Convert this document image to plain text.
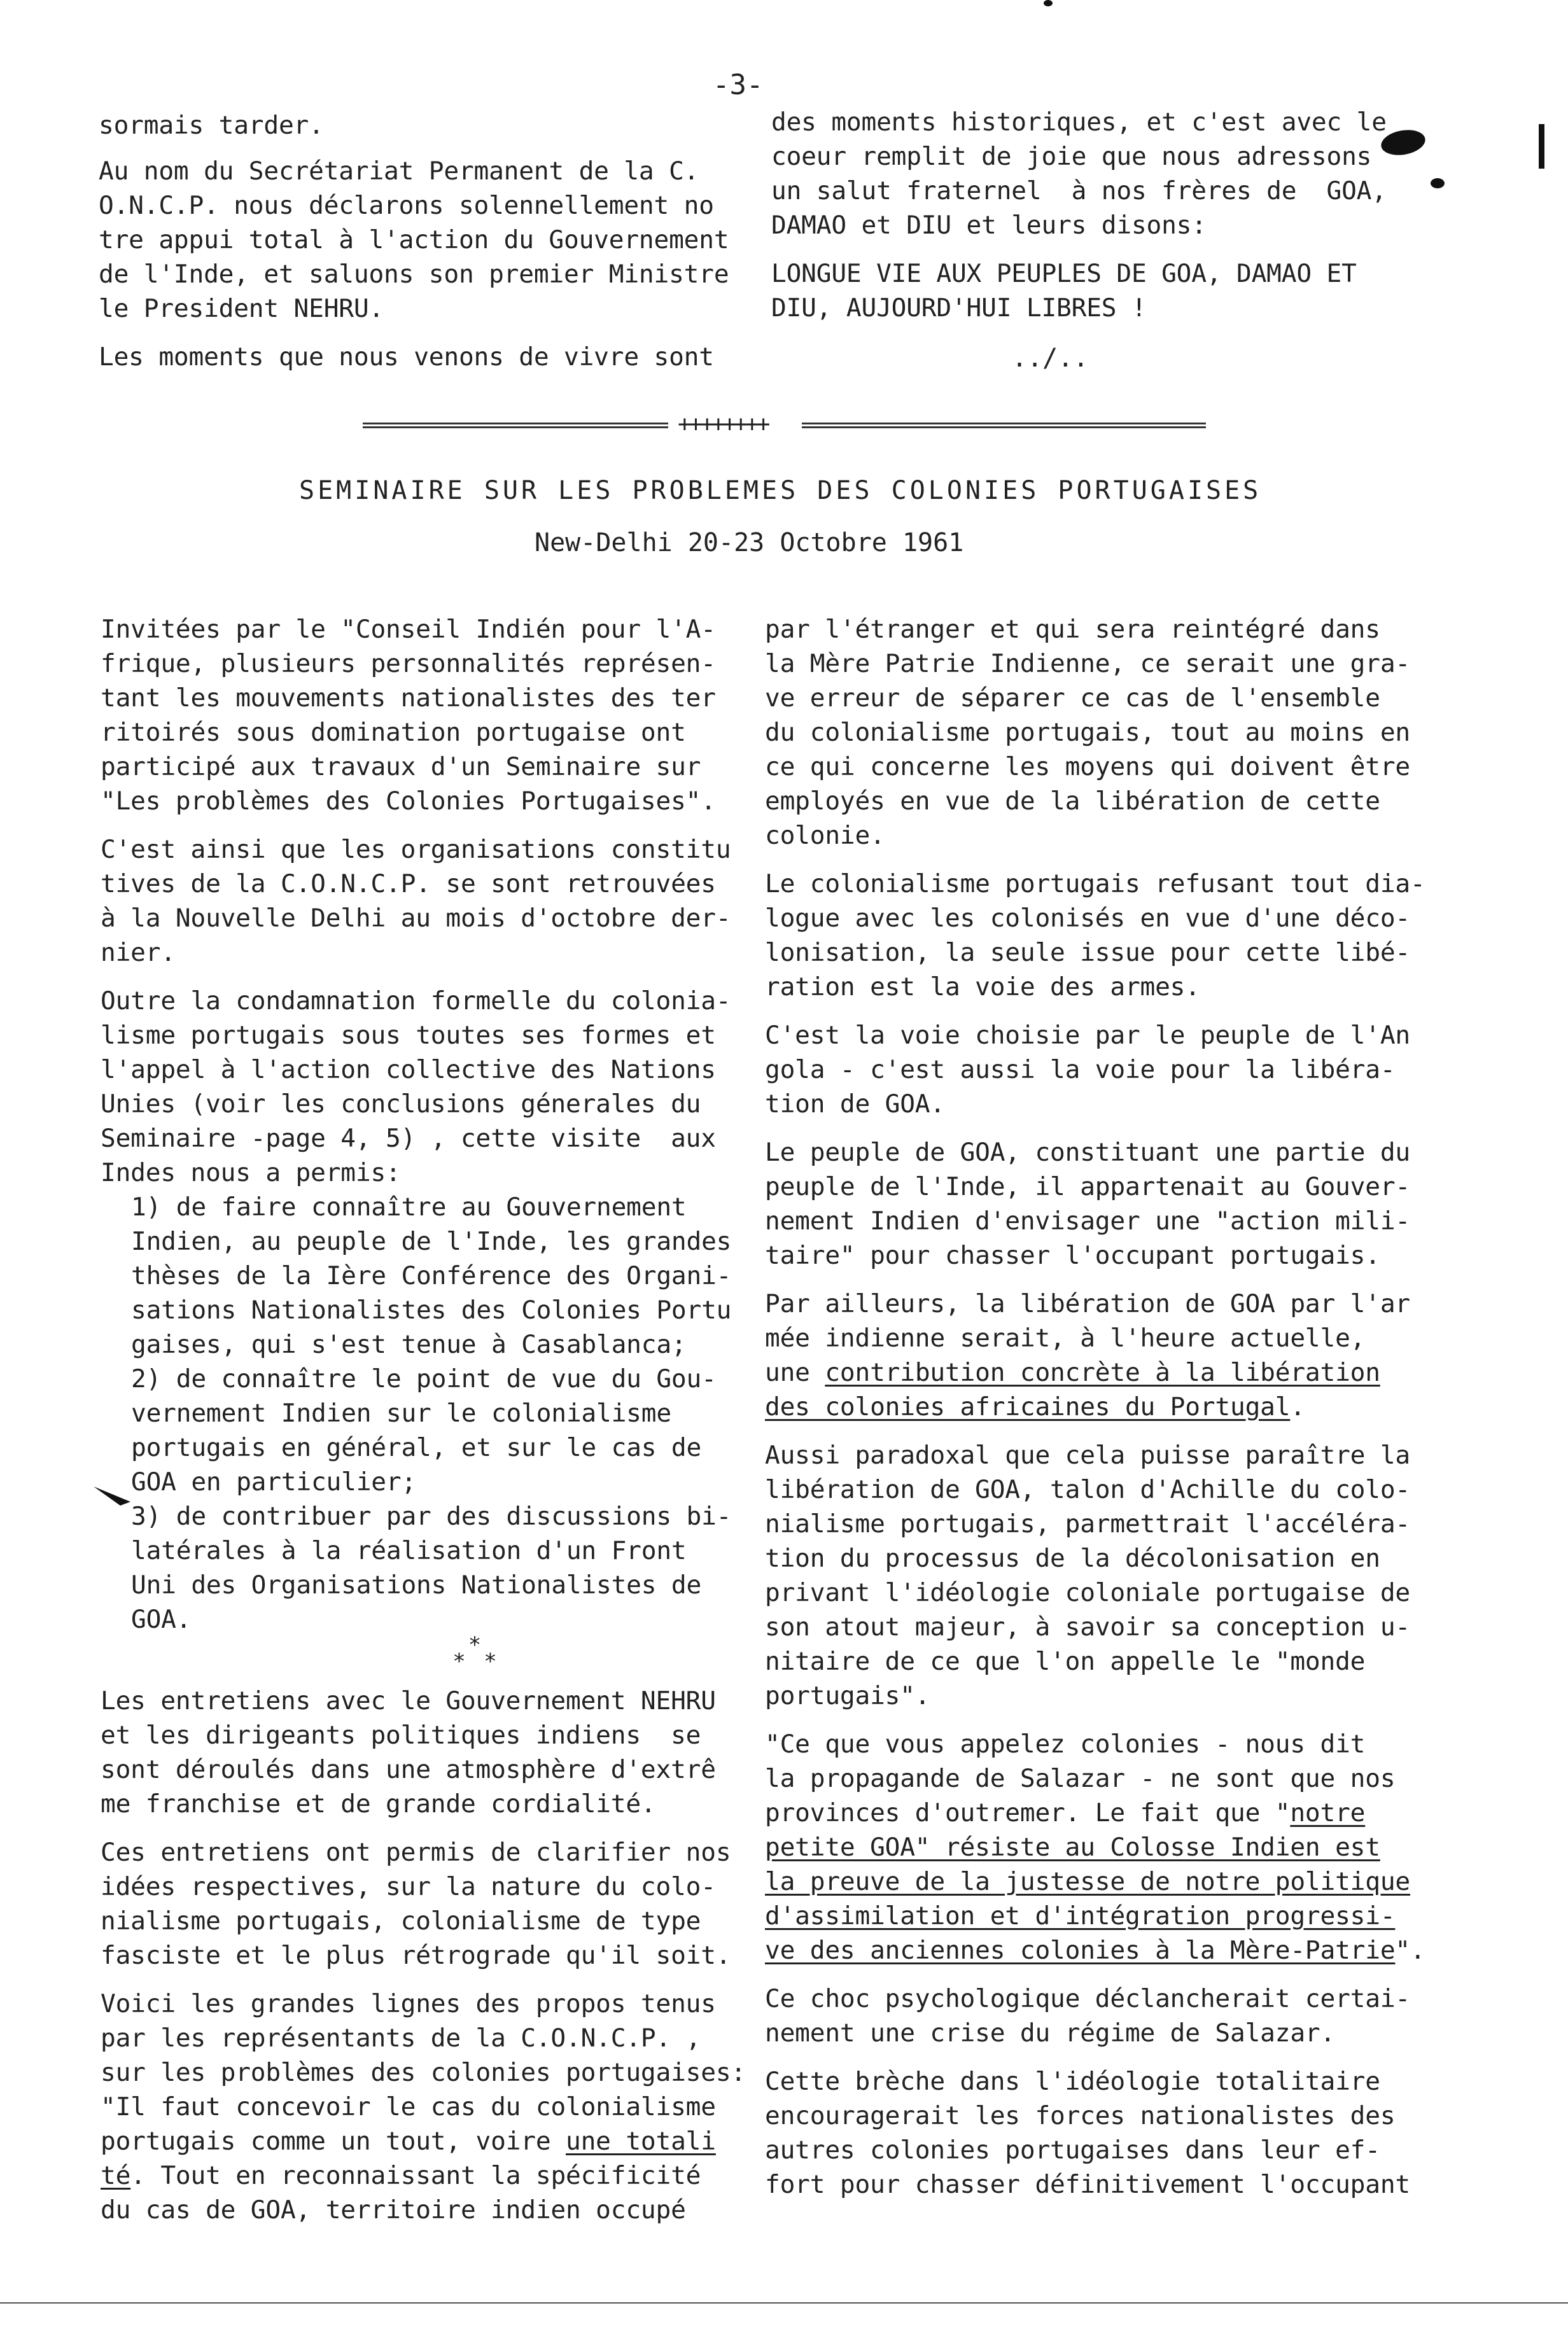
-3-

sormais tarder.

Au nom du Secrétariat Permanent de la C.
O.N.C.P. nous déclarons solennellement no
tre appui total à l'action du Gouvernement
de l'Inde, et saluons son premier Ministre
le President NEHRU.

Les moments que nous venons de vivre sont

des moments historiques, et c'est avec le
coeur remplit de joie que nous adressons
un salut fraternel  à nos frères de  GOA,
DAMAO et DIU et leurs disons:

LONGUE VIE AUX PEUPLES DE GOA, DAMAO ET
DIU, AUJOURD'HUI LIBRES !

../..
++++++++
SEMINAIRE SUR LES PROBLEMES DES COLONIES PORTUGAISES
New-Delhi 20-23 Octobre 1961

Invitées par le "Conseil Indién pour l'A-
frique, plusieurs personnalités représen-
tant les mouvements nationalistes des ter
ritoirés sous domination portugaise ont
participé aux travaux d'un Seminaire sur
"Les problèmes des Colonies Portugaises".

C'est ainsi que les organisations constitu
tives de la C.O.N.C.P. se sont retrouvées
à la Nouvelle Delhi au mois d'octobre der-
nier.

Outre la condamnation formelle du colonia-
lisme portugais sous toutes ses formes et
l'appel à l'action collective des Nations
Unies (voir les conclusions génerales du
Seminaire -page 4, 5) , cette visite  aux
Indes nous a permis:

1) de faire connaître au Gouvernement
Indien, au peuple de l'Inde, les grandes
thèses de la Ière Conférence des Organi-
sations Nationalistes des Colonies Portu
gaises, qui s'est tenue à Casablanca;

2) de connaître le point de vue du Gou-
vernement Indien sur le colonialisme
portugais en général, et sur le cas de
GOA en particulier;

3) de contribuer par des discussions bi-
latérales à la réalisation d'un Front
Uni des Organisations Nationalistes de
GOA.

*
* *

Les entretiens avec le Gouvernement NEHRU
et les dirigeants politiques indiens  se
sont déroulés dans une atmosphère d'extrê
me franchise et de grande cordialité.

Ces entretiens ont permis de clarifier nos
idées respectives, sur la nature du colo-
nialisme portugais, colonialisme de type
fasciste et le plus rétrograde qu'il soit.

Voici les grandes lignes des propos tenus
par les représentants de la C.O.N.C.P. ,
sur les problèmes des colonies portugaises:
"Il faut concevoir le cas du colonialisme
portugais comme un tout, voire une totali
té. Tout en reconnaissant la spécificité
du cas de GOA, territoire indien occupé

par l'étranger et qui sera reintégré dans
la Mère Patrie Indienne, ce serait une gra-
ve erreur de séparer ce cas de l'ensemble
du colonialisme portugais, tout au moins en
ce qui concerne les moyens qui doivent être
employés en vue de la libération de cette
colonie.

Le colonialisme portugais refusant tout dia-
logue avec les colonisés en vue d'une déco-
lonisation, la seule issue pour cette libé-
ration est la voie des armes.

C'est la voie choisie par le peuple de l'An
gola - c'est aussi la voie pour la libéra-
tion de GOA.

Le peuple de GOA, constituant une partie du
peuple de l'Inde, il appartenait au Gouver-
nement Indien d'envisager une "action mili-
taire" pour chasser l'occupant portugais.

Par ailleurs, la libération de GOA par l'ar
mée indienne serait, à l'heure actuelle,
une contribution concrète à la libération
des colonies africaines du Portugal.

Aussi paradoxal que cela puisse paraître la
libération de GOA, talon d'Achille du colo-
nialisme portugais, parmettrait l'accéléra-
tion du processus de la décolonisation en
privant l'idéologie coloniale portugaise de
son atout majeur, à savoir sa conception u-
nitaire de ce que l'on appelle le "monde
portugais".

"Ce que vous appelez colonies - nous dit
la propagande de Salazar - ne sont que nos
provinces d'outremer. Le fait que "notre
petite GOA" résiste au Colosse Indien est
la preuve de la justesse de notre politique
d'assimilation et d'intégration progressi-
ve des anciennes colonies à la Mère-Patrie".

Ce choc psychologique déclancherait certai-
nement une crise du régime de Salazar.

Cette brèche dans l'idéologie totalitaire
encouragerait les forces nationalistes des
autres colonies portugaises dans leur ef-
fort pour chasser définitivement l'occupant
